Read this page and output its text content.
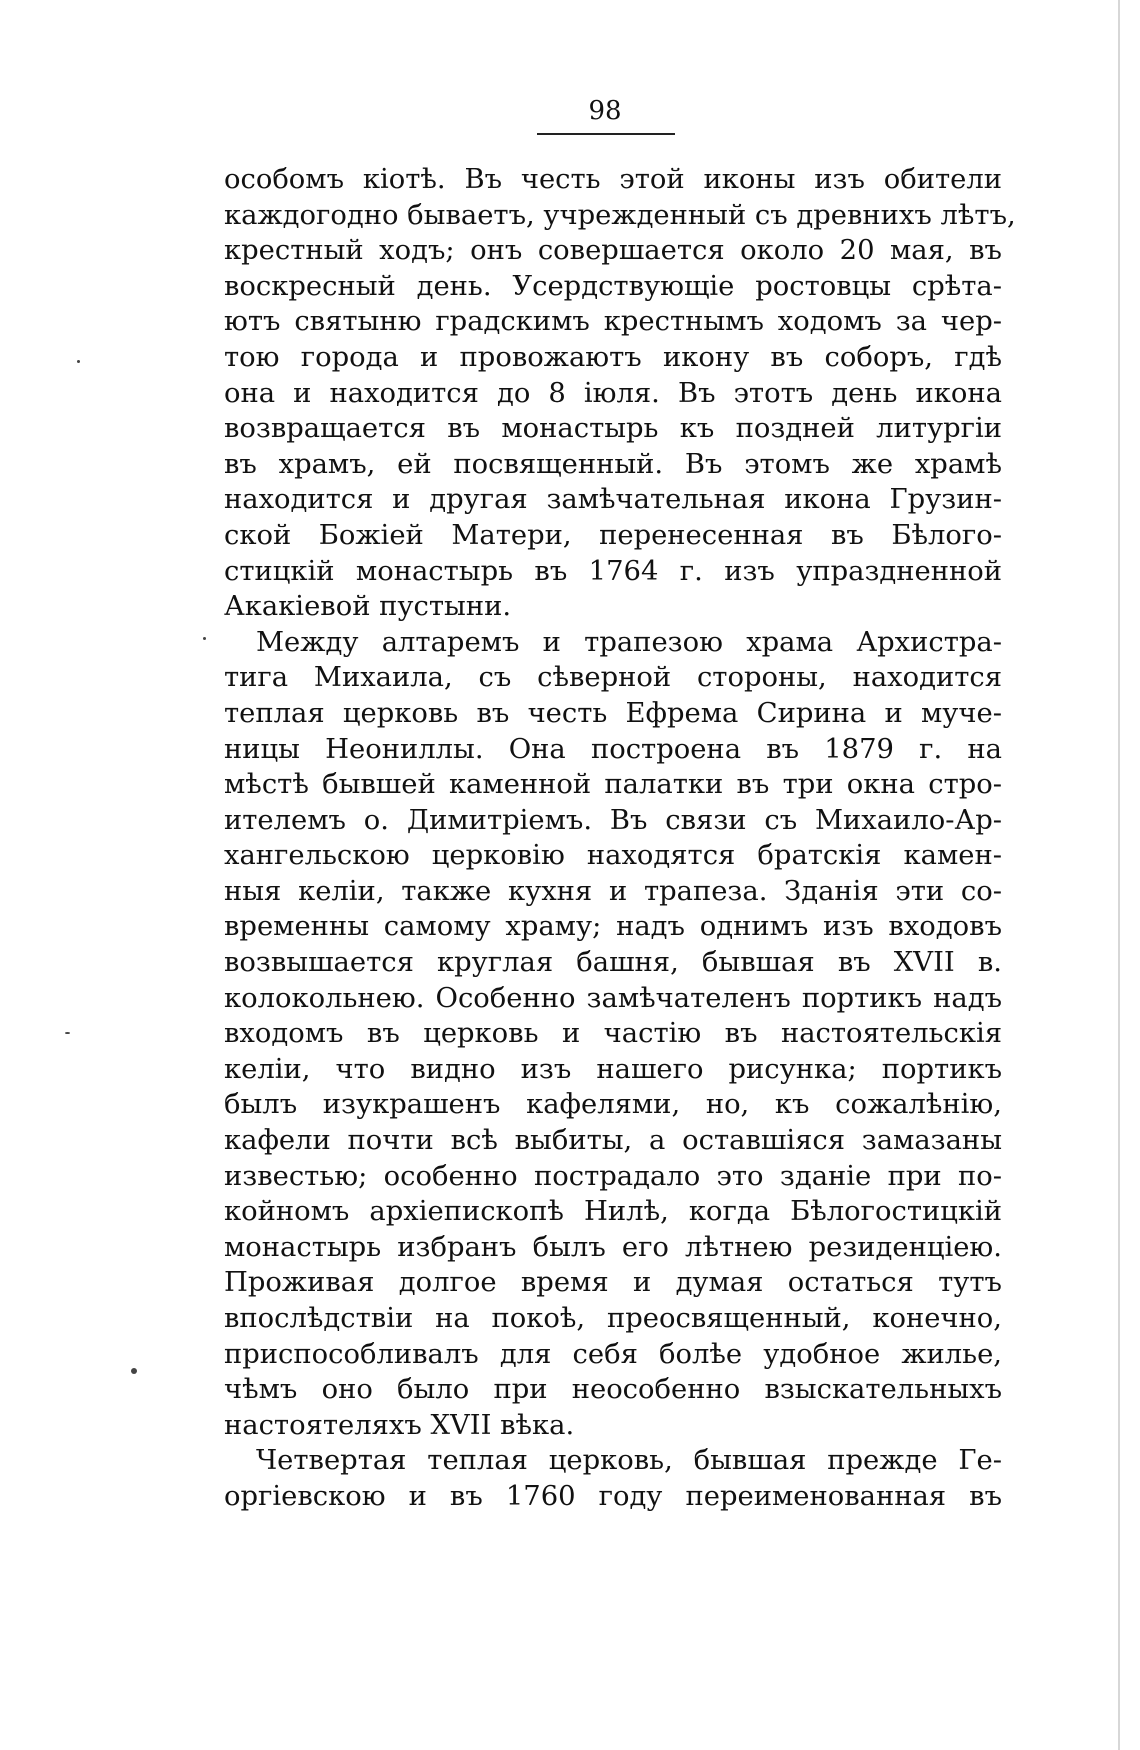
98

особомъ кіотѣ. Въ честь этой иконы изъ обители
каждогодно бываетъ, учрежденный съ древнихъ лѣтъ,
крестный ходъ; онъ совершается около 20 мая, въ
воскресный день. Усердствующіе ростовцы срѣта-
ютъ святыню градскимъ крестнымъ ходомъ за чер-
тою города и провожаютъ икону въ соборъ, гдѣ
она и находится до 8 іюля. Въ этотъ день икона
возвращается въ монастырь къ поздней литургіи
въ храмъ, ей посвященный. Въ этомъ же храмѣ
находится и другая замѣчательная икона Грузин-
ской Божіей Матери, перенесенная въ Бѣлого-
стицкій монастырь въ 1764 г. изъ упраздненной
Акакіевой пустыни.
Между алтаремъ и трапезою храма Архистра-
тига Михаила, съ сѣверной стороны, находится
теплая церковь въ честь Ефрема Сирина и муче-
ницы Неониллы. Она построена въ 1879 г. на
мѣстѣ бывшей каменной палатки въ три окна стро-
ителемъ о. Димитріемъ. Въ связи съ Михаило-Ар-
хангельскою церковію находятся братскія камен-
ныя келіи, также кухня и трапеза. Зданія эти со-
временны самому храму; надъ однимъ изъ входовъ
возвышается круглая башня, бывшая въ XVII в.
колокольнею. Особенно замѣчателенъ портикъ надъ
входомъ въ церковь и частію въ настоятельскія
келіи, что видно изъ нашего рисунка; портикъ
былъ изукрашенъ кафелями, но, къ сожалѣнію,
кафели почти всѣ выбиты, а оставшіяся замазаны
известью; особенно пострадало это зданіе при по-
койномъ архіепископѣ Нилѣ, когда Бѣлогостицкій
монастырь избранъ былъ его лѣтнею резиденціею.
Проживая долгое время и думая остаться тутъ
впослѣдствіи на покоѣ, преосвященный, конечно,
приспособливалъ для себя болѣе удобное жилье,
чѣмъ оно было при неособенно взыскательныхъ
настоятеляхъ XVII вѣка.
Четвертая теплая церковь, бывшая прежде Ге-
оргіевскою и въ 1760 году переименованная въ
